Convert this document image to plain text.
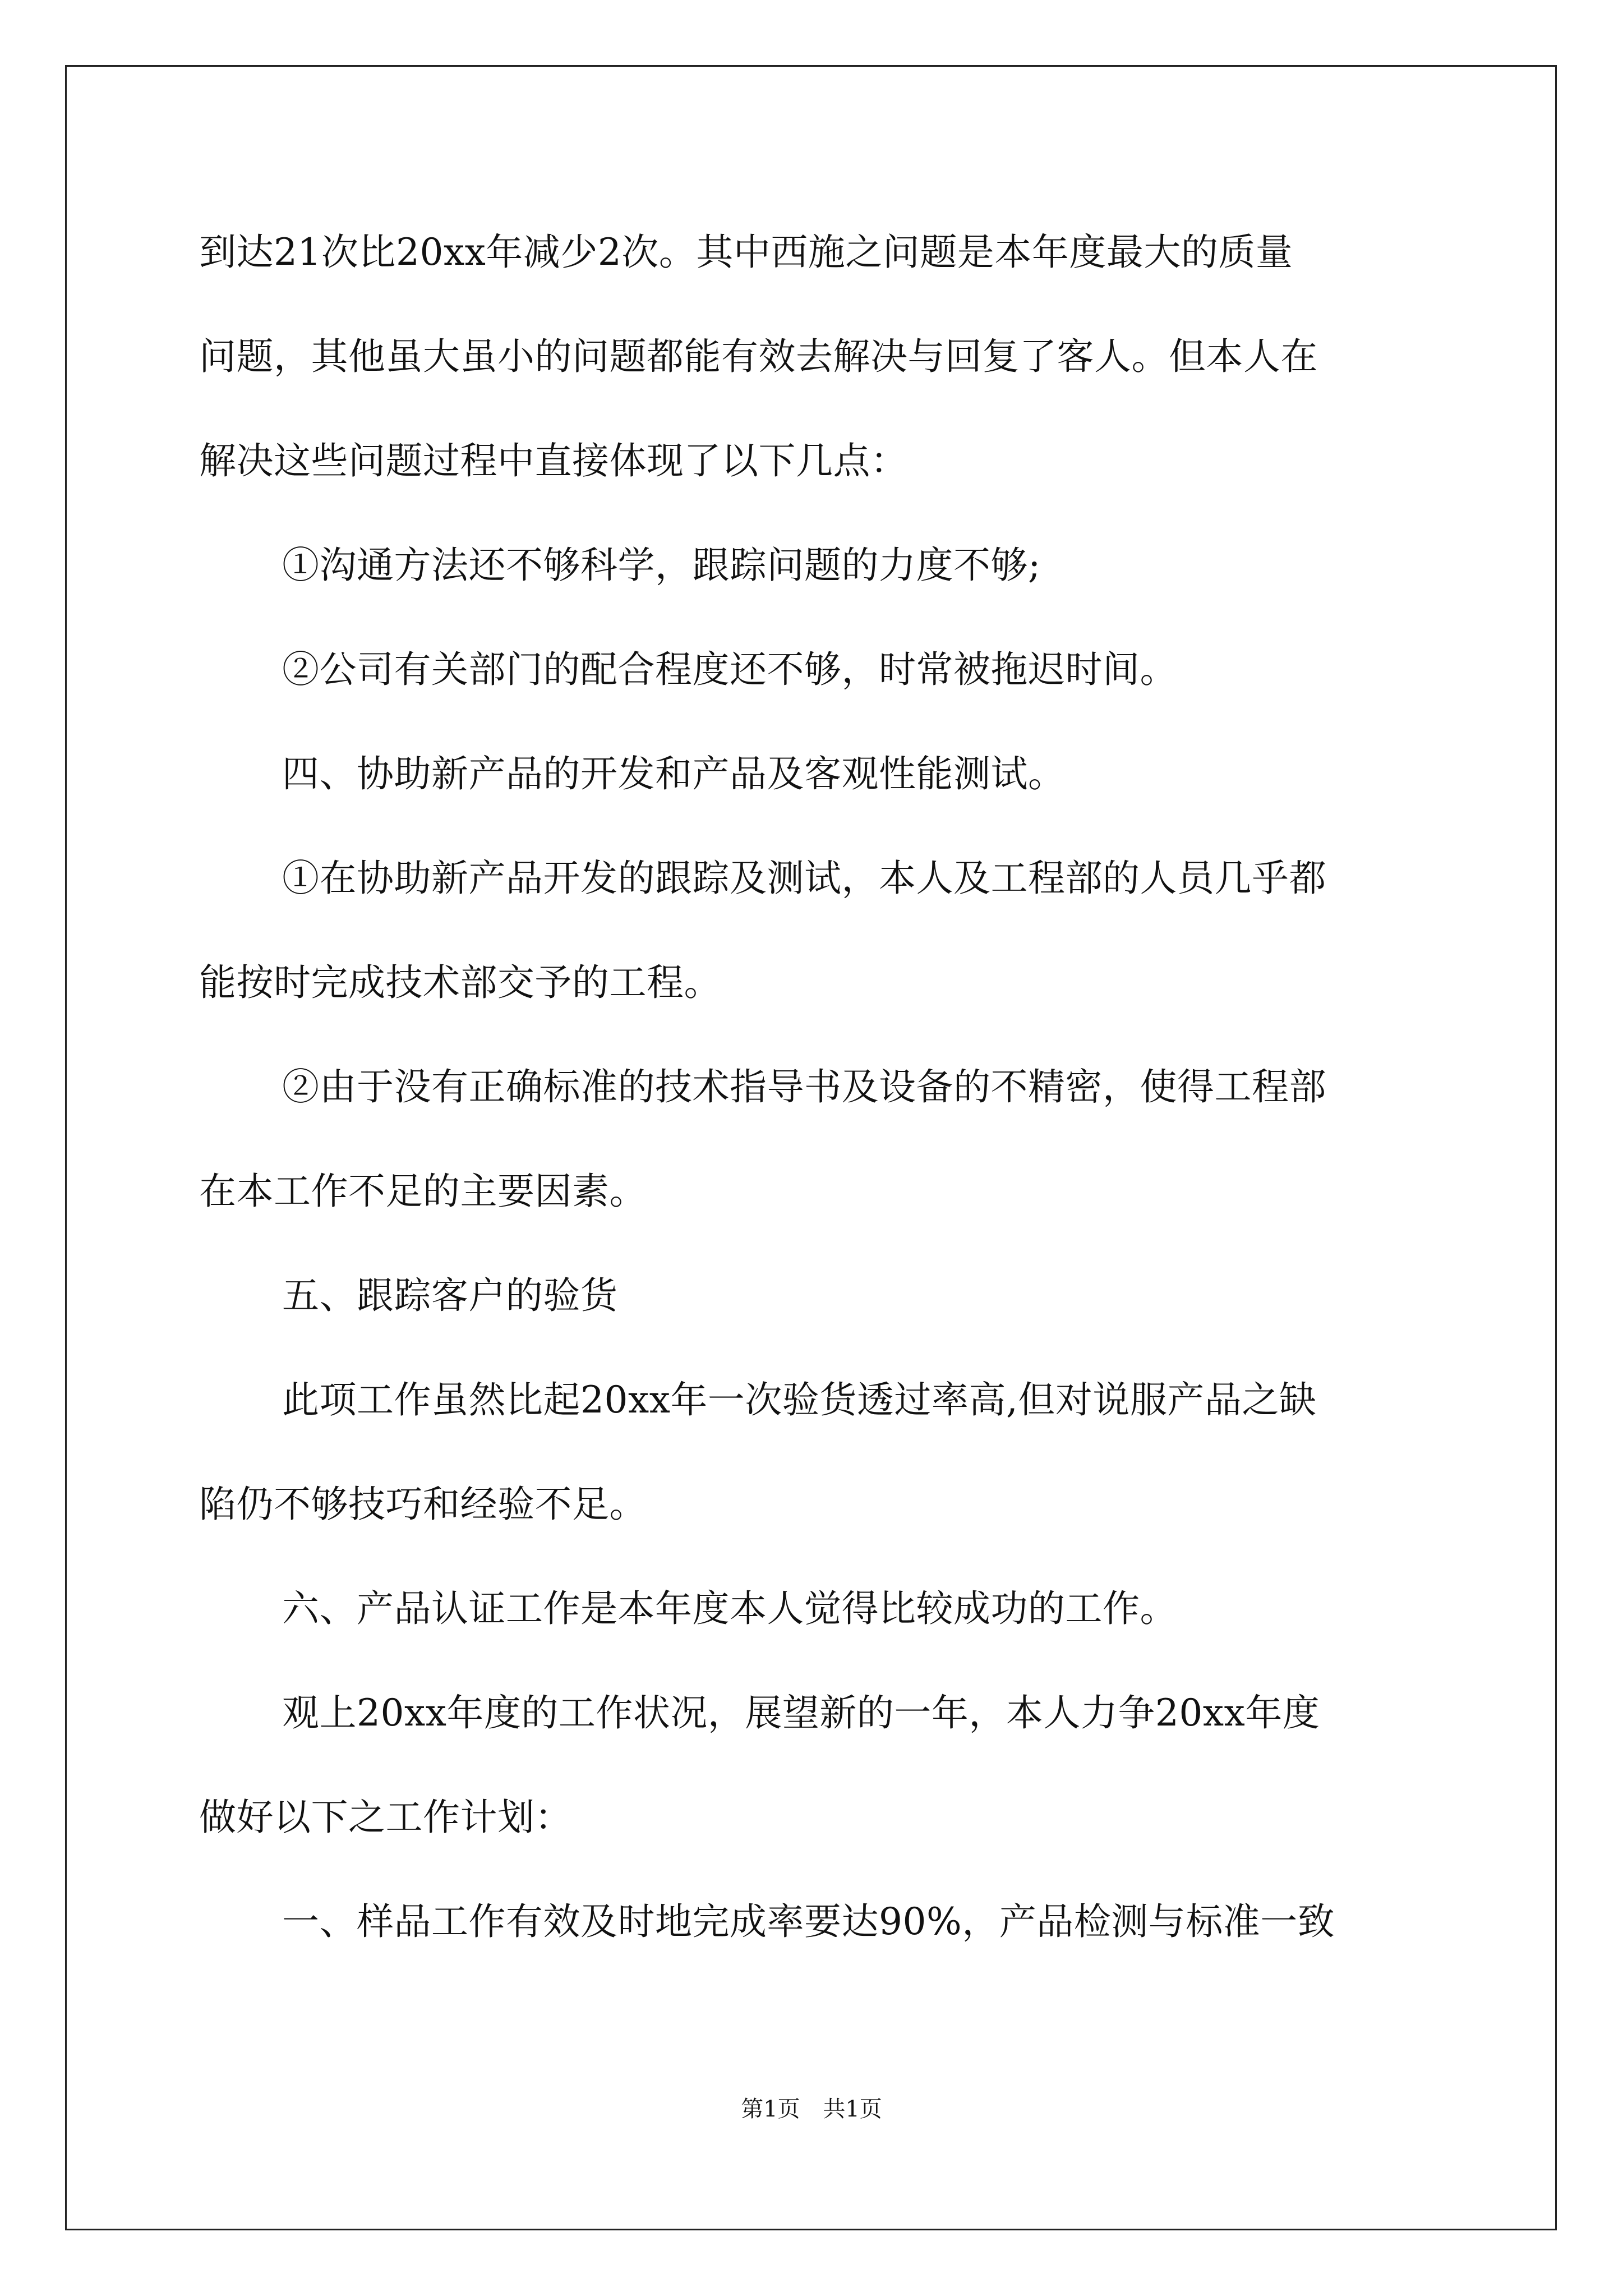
到达21次比20xx年减少2次。其中西施之问题是本年度最大的质量
问题，其他虽大虽小的问题都能有效去解决与回复了客人。但本人在
解决这些问题过程中直接体现了以下几点：
①沟通方法还不够科学，跟踪问题的力度不够;
②公司有关部门的配合程度还不够，时常被拖迟时间。
四、协助新产品的开发和产品及客观性能测试。
①在协助新产品开发的跟踪及测试，本人及工程部的人员几乎都
能按时完成技术部交予的工程。
②由于没有正确标准的技术指导书及设备的不精密，使得工程部
在本工作不足的主要因素。
五、跟踪客户的验货
此项工作虽然比起20xx年一次验货透过率高,但对说服产品之缺
陷仍不够技巧和经验不足。
六、产品认证工作是本年度本人觉得比较成功的工作。
观上20xx年度的工作状况，展望新的一年，本人力争20xx年度
做好以下之工作计划：
一、样品工作有效及时地完成率要达90%，产品检测与标准一致
第1页 共1页
